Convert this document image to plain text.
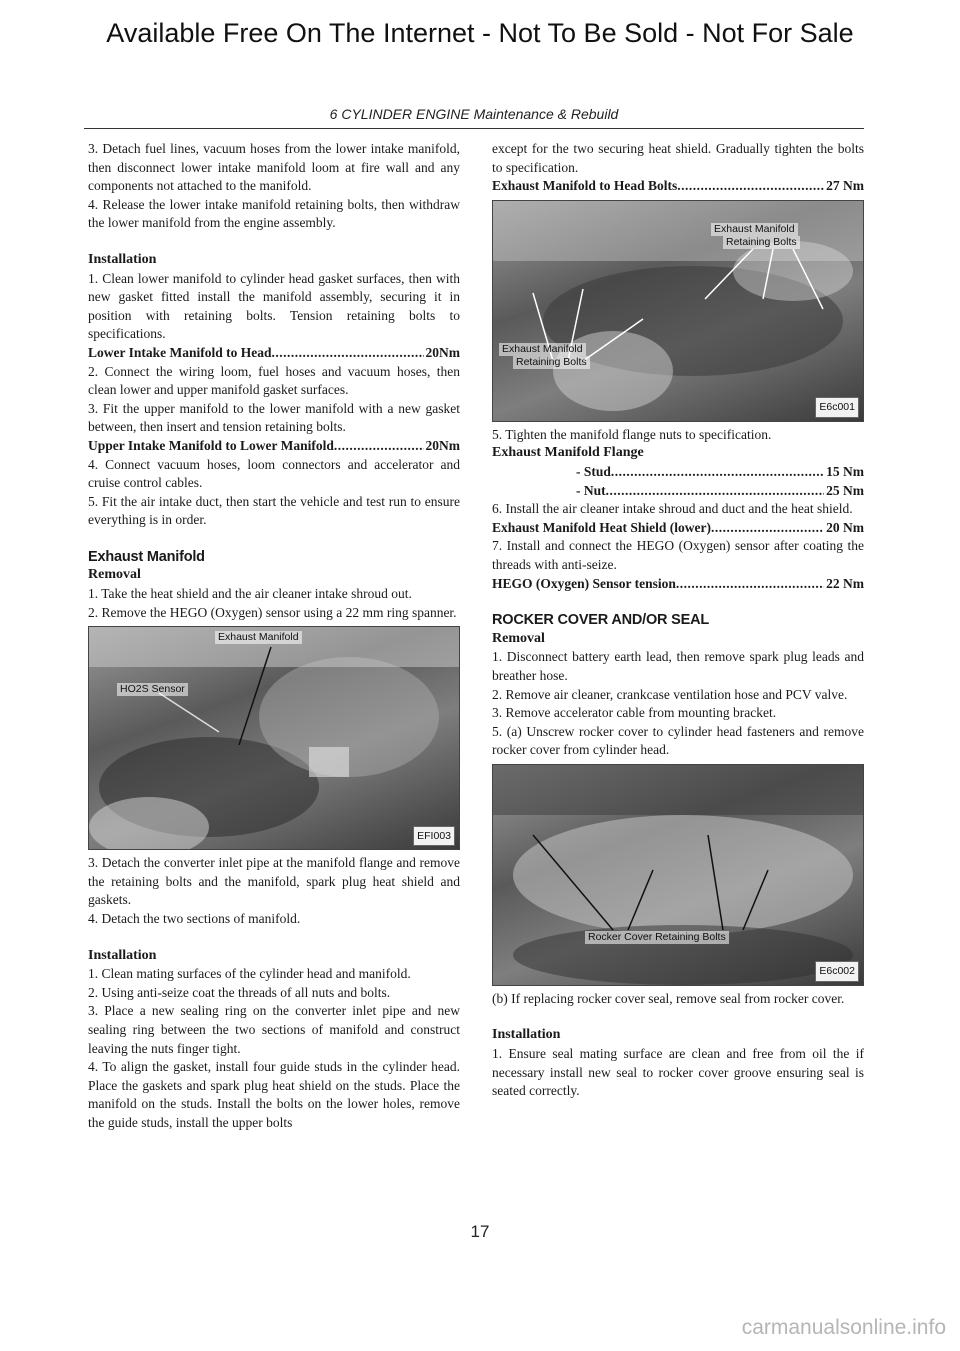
Available Free On The Internet - Not To Be Sold - Not For Sale
6 CYLINDER ENGINE Maintenance & Rebuild

3. Detach fuel lines, vacuum hoses from the lower intake manifold, then disconnect lower intake manifold loom at fire wall and any components not attached to the manifold.

4. Release the lower intake manifold retaining bolts, then withdraw the lower manifold from the engine assembly.

Installation

1. Clean lower manifold to cylinder head gasket surfaces, then with new gasket fitted install the manifold assembly, securing it in position with retaining bolts. Tension retaining bolts to specifications.

Lower Intake Manifold to Head .....	20Nm

2. Connect the wiring loom, fuel hoses and vacuum hoses, then clean lower and upper manifold gasket surfaces.

3. Fit the upper manifold to the lower manifold with a new gasket between, then insert and tension retaining bolts.

Upper Intake Manifold to Lower Manifold .....	20Nm

4. Connect vacuum hoses, loom connectors and accelerator and cruise control cables.

5. Fit the air intake duct, then start the vehicle and test run to ensure everything is in order.

Exhaust Manifold

Removal

1. Take the heat shield and the air cleaner intake shroud out.

2. Remove the HEGO (Oxygen) sensor using a 22 mm ring spanner.

Exhaust Manifold
HO2S Sensor
EFI003

3. Detach the converter inlet pipe at the manifold flange and remove the retaining bolts and the manifold, spark plug heat shield and gaskets.

4. Detach the two sections of manifold.

Installation

1. Clean mating surfaces of the cylinder head and manifold.

2. Using anti-seize coat the threads of all nuts and bolts.

3. Place a new sealing ring on the converter inlet pipe and new sealing ring between the two sections of manifold and construct leaving the nuts finger tight.

4. To align the gasket, install four guide studs in the cylinder head. Place the gaskets and spark plug heat shield on the studs. Place the manifold on the studs. Install the bolts on the lower holes, remove the guide studs, install the upper bolts

except for the two securing heat shield. Gradually tighten the bolts to specification.

Exhaust Manifold to Head Bolts .....	27 Nm
Exhaust Manifold
Retaining Bolts
Exhaust Manifold
Retaining Bolts
E6c001

5. Tighten the manifold flange nuts to specification.

Exhaust Manifold Flange

- Stud .....	15 Nm
- Nut .....	25 Nm

6. Install the air cleaner intake shroud and duct and the heat shield.

Exhaust Manifold Heat Shield (lower) .....	20 Nm

7. Install and connect the HEGO (Oxygen) sensor after coating the threads with anti-seize.

HEGO (Oxygen) Sensor tension .....	22 Nm

ROCKER COVER AND/OR SEAL

Removal

1. Disconnect battery earth lead, then remove spark plug leads and breather hose.

2. Remove air cleaner, crankcase ventilation hose and PCV valve.

3. Remove accelerator cable from mounting bracket.

5. (a) Unscrew rocker cover to cylinder head fasteners and remove rocker cover from cylinder head.

Rocker Cover Retaining Bolts
E6c002

(b) If replacing rocker cover seal, remove seal from rocker cover.

Installation

1. Ensure seal mating surface are clean and free from oil the if necessary install new seal to rocker cover groove ensuring seal is seated correctly.

17
carmanualsonline.info
